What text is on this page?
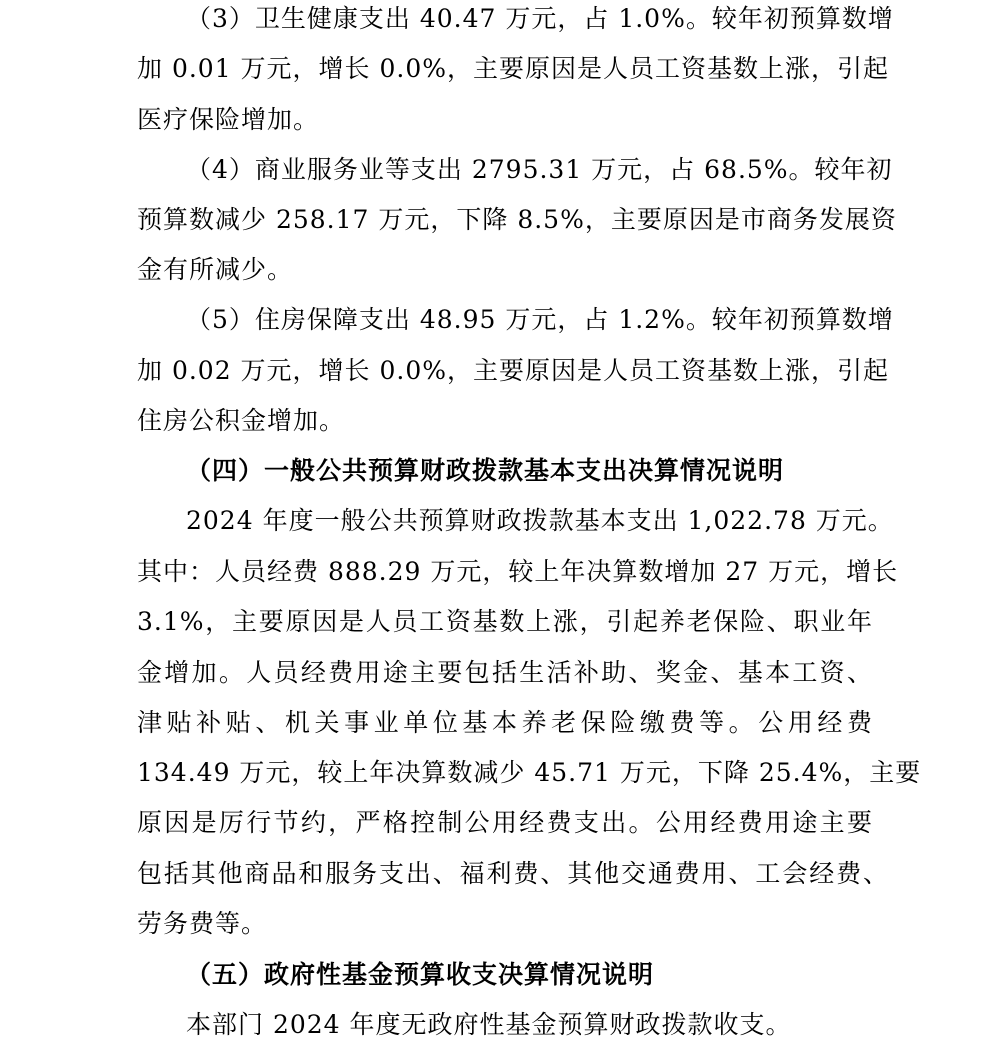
（3）卫生健康支出 40.47 万元，占 1.0%。较年初预算数增
加 0.01 万元，增长 0.0%，主要原因是人员工资基数上涨，引起
医疗保险增加。
（4）商业服务业等支出 2795.31 万元，占 68.5%。较年初
预算数减少 258.17 万元，下降 8.5%，主要原因是市商务发展资
金有所减少。
（5）住房保障支出 48.95 万元，占 1.2%。较年初预算数增
加 0.02 万元，增长 0.0%，主要原因是人员工资基数上涨，引起
住房公积金增加。
（四）一般公共预算财政拨款基本支出决算情况说明
2024 年度一般公共预算财政拨款基本支出 1,022.78 万元。
其中：人员经费 888.29 万元，较上年决算数增加 27 万元，增长
3.1%，主要原因是人员工资基数上涨，引起养老保险、职业年
金增加。人员经费用途主要包括生活补助、奖金、基本工资、
津贴补贴、机关事业单位基本养老保险缴费等。公用经费
134.49 万元，较上年决算数减少 45.71 万元，下降 25.4%，主要
原因是厉行节约，严格控制公用经费支出。公用经费用途主要
包括其他商品和服务支出、福利费、其他交通费用、工会经费、
劳务费等。
（五）政府性基金预算收支决算情况说明
本部门 2024 年度无政府性基金预算财政拨款收支。
